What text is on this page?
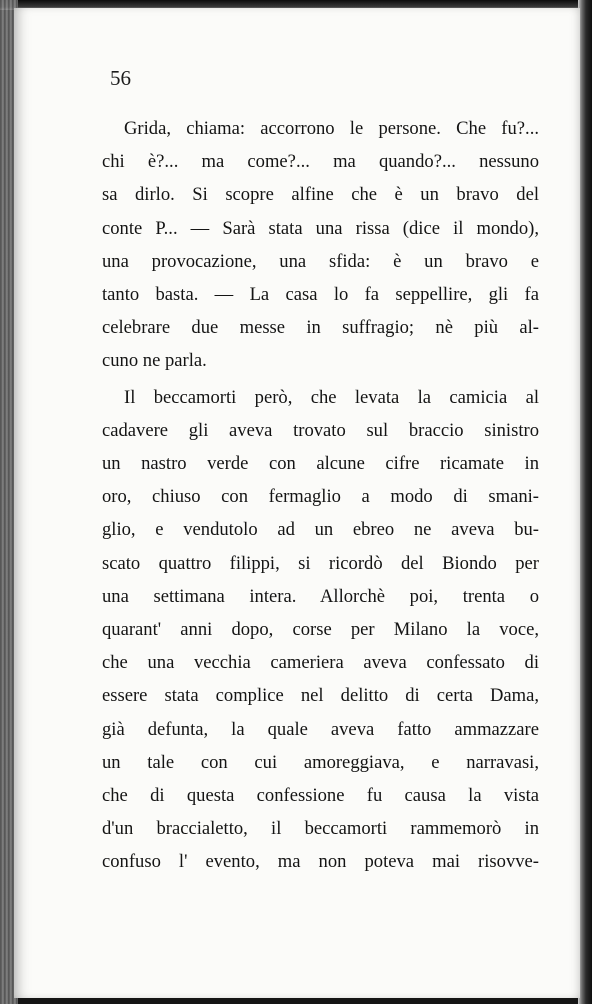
56
Grida, chiama: accorrono le persone. Che fu?...
chi è?... ma come?... ma quando?... nessuno
sa dirlo. Si scopre alfine che è un bravo del
conte P... — Sarà stata una rissa (dice il mondo),
una provocazione, una sfida: è un bravo e
tanto basta. — La casa lo fa seppellire, gli fa
celebrare due messe in suffragio; nè più al-
cuno ne parla.
Il beccamorti però, che levata la camicia al
cadavere gli aveva trovato sul braccio sinistro
un nastro verde con alcune cifre ricamate in
oro, chiuso con fermaglio a modo di smani-
glio, e vendutolo ad un ebreo ne aveva bu-
scato quattro filippi, si ricordò del Biondo per
una settimana intera. Allorchè poi, trenta o
quarant' anni dopo, corse per Milano la voce,
che una vecchia cameriera aveva confessato di
essere stata complice nel delitto di certa Dama,
già defunta, la quale aveva fatto ammazzare
un tale con cui amoreggiava, e narravasi,
che di questa confessione fu causa la vista
d'un braccialetto, il beccamorti rammemorò in
confuso l' evento, ma non poteva mai risovve-
